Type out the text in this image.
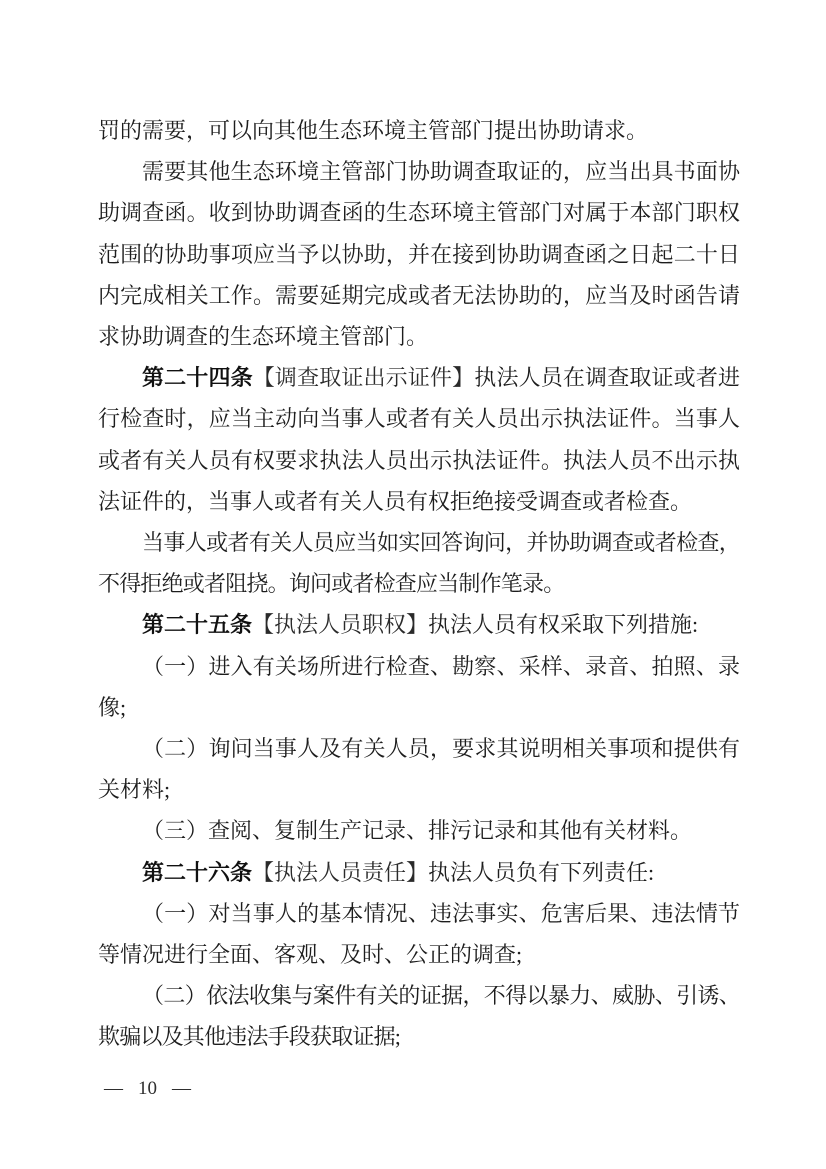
罚的需要，可以向其他生态环境主管部门提出协助请求。

需要其他生态环境主管部门协助调查取证的，应当出具书面协助调查函。收到协助调查函的生态环境主管部门对属于本部门职权范围的协助事项应当予以协助，并在接到协助调查函之日起二十日内完成相关工作。需要延期完成或者无法协助的，应当及时函告请求协助调查的生态环境主管部门。

第二十四条【调查取证出示证件】执法人员在调查取证或者进行检查时，应当主动向当事人或者有关人员出示执法证件。当事人或者有关人员有权要求执法人员出示执法证件。执法人员不出示执法证件的，当事人或者有关人员有权拒绝接受调查或者检查。

当事人或者有关人员应当如实回答询问，并协助调查或者检查，不得拒绝或者阻挠。询问或者检查应当制作笔录。

第二十五条【执法人员职权】执法人员有权采取下列措施:

（一）进入有关场所进行检查、勘察、采样、录音、拍照、录像;

（二）询问当事人及有关人员，要求其说明相关事项和提供有关材料;

（三）查阅、复制生产记录、排污记录和其他有关材料。

第二十六条【执法人员责任】执法人员负有下列责任:

（一）对当事人的基本情况、违法事实、危害后果、违法情节等情况进行全面、客观、及时、公正的调查;

（二）依法收集与案件有关的证据，不得以暴力、威胁、引诱、欺骗以及其他违法手段获取证据;

— 10 —
